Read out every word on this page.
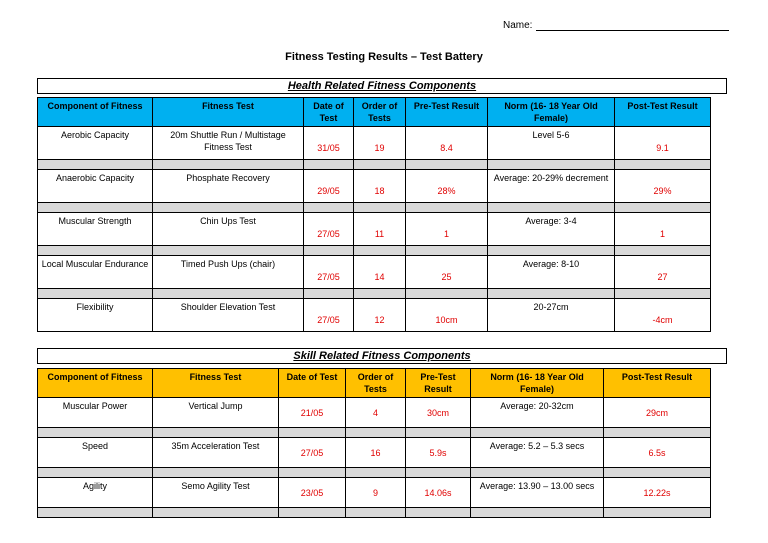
Name:
Fitness Testing Results – Test Battery
Health Related Fitness Components
Component of Fitness	Fitness Test	Date of Test	Order of Tests	Pre-Test Result	Norm (16- 18 Year Old Female)	Post-Test Result
Aerobic Capacity	20m Shuttle Run / Multistage Fitness Test	31/05	19	8.4	Level 5-6	9.1

Anaerobic Capacity	Phosphate Recovery	29/05	18	28%	Average: 20-29% decrement	29%

Muscular Strength	Chin Ups Test	27/05	11	1	Average: 3-4	1

Local Muscular Endurance	Timed Push Ups (chair)	27/05	14	25	Average: 8-10	27

Flexibility	Shoulder Elevation Test	27/05	12	10cm	20-27cm	-4cm
Skill Related Fitness Components
Component of Fitness	Fitness Test	Date of Test	Order of Tests	Pre-Test Result	Norm (16- 18 Year Old Female)	Post-Test Result
Muscular Power	Vertical Jump	21/05	4	30cm	Average: 20-32cm	29cm

Speed	35m Acceleration Test	27/05	16	5.9s	Average: 5.2 – 5.3 secs	6.5s

Agility	Semo Agility Test	23/05	9	14.06s	Average: 13.90 – 13.00 secs	12.22s
